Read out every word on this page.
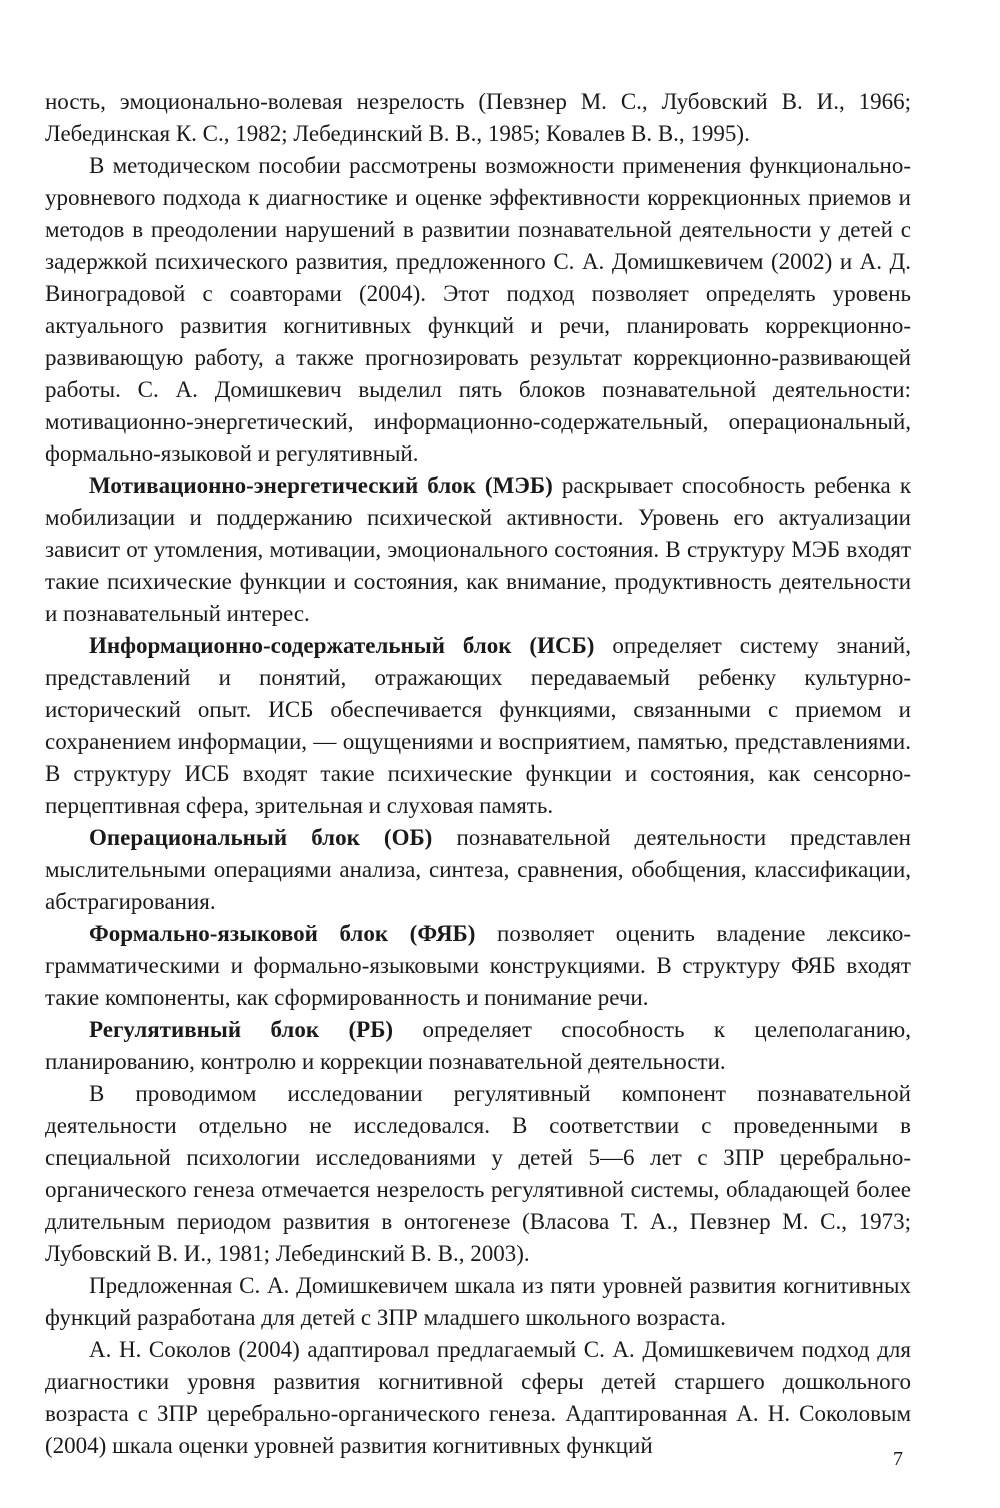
ность, эмоционально-волевая незрелость (Певзнер М. С., Лубовский В. И., 1966; Лебединская К. С., 1982; Лебединский В. В., 1985; Ковалев В. В., 1995).

В методическом пособии рассмотрены возможности применения функционально-уровневого подхода к диагностике и оценке эффективности коррекционных приемов и методов в преодолении нарушений в развитии познавательной деятельности у детей с задержкой психического развития, предложенного С. А. Домишкевичем (2002) и А. Д. Виноградовой с соавторами (2004). Этот подход позволяет определять уровень актуального развития когнитивных функций и речи, планировать коррекционно-развивающую работу, а также прогнозировать результат коррекционно-развивающей работы. С. А. Домишкевич выделил пять блоков познавательной деятельности: мотивационно-энергетический, информационно-содержательный, операциональный, формально-языковой и регулятивный.

Мотивационно-энергетический блок (МЭБ) раскрывает способность ребенка к мобилизации и поддержанию психической активности. Уровень его актуализации зависит от утомления, мотивации, эмоционального состояния. В структуру МЭБ входят такие психические функции и состояния, как внимание, продуктивность деятельности и познавательный интерес.

Информационно-содержательный блок (ИСБ) определяет систему знаний, представлений и понятий, отражающих передаваемый ребенку культурно-исторический опыт. ИСБ обеспечивается функциями, связанными с приемом и сохранением информации, — ощущениями и восприятием, памятью, представлениями. В структуру ИСБ входят такие психические функции и состояния, как сенсорно-перцептивная сфера, зрительная и слуховая память.

Операциональный блок (ОБ) познавательной деятельности представлен мыслительными операциями анализа, синтеза, сравнения, обобщения, классификации, абстрагирования.

Формально-языковой блок (ФЯБ) позволяет оценить владение лексико-грамматическими и формально-языковыми конструкциями. В структуру ФЯБ входят такие компоненты, как сформированность и понимание речи.

Регулятивный блок (РБ) определяет способность к целеполаганию, планированию, контролю и коррекции познавательной деятельности.

В проводимом исследовании регулятивный компонент познавательной деятельности отдельно не исследовался. В соответствии с проведенными в специальной психологии исследованиями у детей 5—6 лет с ЗПР церебрально-органического генеза отмечается незрелость регулятивной системы, обладающей более длительным периодом развития в онтогенезе (Власова Т. А., Певзнер М. С., 1973; Лубовский В. И., 1981; Лебединский В. В., 2003).

Предложенная С. А. Домишкевичем шкала из пяти уровней развития когнитивных функций разработана для детей с ЗПР младшего школьного возраста.

А. Н. Соколов (2004) адаптировал предлагаемый С. А. Домишкевичем подход для диагностики уровня развития когнитивной сферы детей старшего дошкольного возраста с ЗПР церебрально-органического генеза. Адаптированная А. Н. Соколовым (2004) шкала оценки уровней развития когнитивных функций

7
